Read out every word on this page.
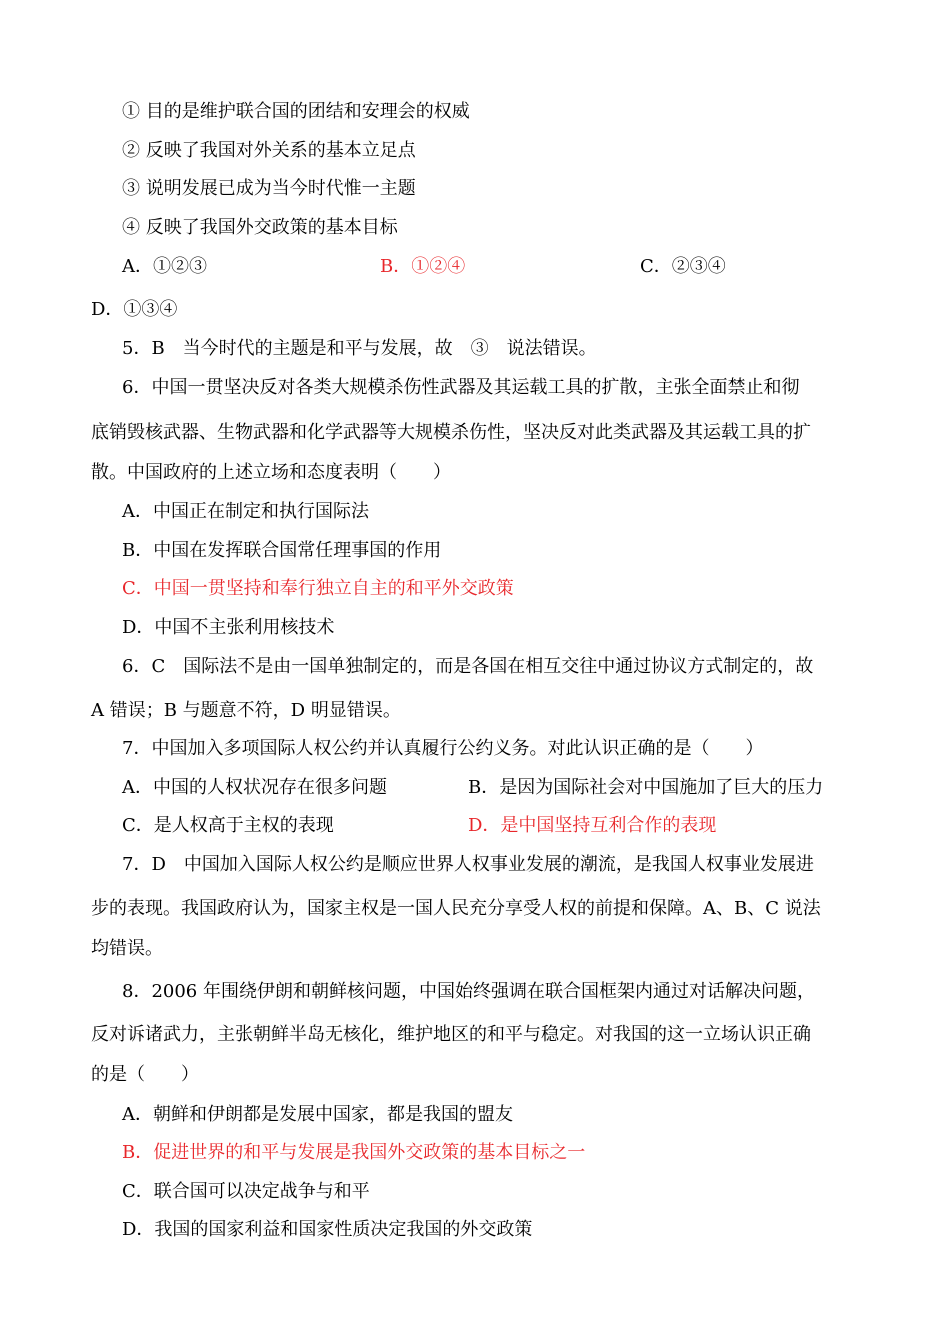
① 目的是维护联合国的团结和安理会的权威
② 反映了我国对外关系的基本立足点
③ 说明发展已成为当今时代惟一主题
④ 反映了我国外交政策的基本目标
A．①②③	B．①②④	C．②③④
D．①③④
5．B　当今时代的主题是和平与发展，故　③　说法错误。
6．中国一贯坚决反对各类大规模杀伤性武器及其运载工具的扩散，主张全面禁止和彻
底销毁核武器、生物武器和化学武器等大规模杀伤性，坚决反对此类武器及其运载工具的扩
散。中国政府的上述立场和态度表明（　　）
A．中国正在制定和执行国际法
B．中国在发挥联合国常任理事国的作用
C．中国一贯坚持和奉行独立自主的和平外交政策
D．中国不主张利用核技术
6．C　国际法不是由一国单独制定的，而是各国在相互交往中通过协议方式制定的，故
A 错误；B 与题意不符，D 明显错误。
7．中国加入多项国际人权公约并认真履行公约义务。对此认识正确的是（　　）
A．中国的人权状况存在很多问题	B．是因为国际社会对中国施加了巨大的压力
C．是人权高于主权的表现	D．是中国坚持互利合作的表现
7．D　中国加入国际人权公约是顺应世界人权事业发展的潮流，是我国人权事业发展进
步的表现。我国政府认为，国家主权是一国人民充分享受人权的前提和保障。A、B、C 说法
均错误。
8．2006 年围绕伊朗和朝鲜核问题，中国始终强调在联合国框架内通过对话解决问题，
反对诉诸武力，主张朝鲜半岛无核化，维护地区的和平与稳定。对我国的这一立场认识正确
的是（　　）
A．朝鲜和伊朗都是发展中国家，都是我国的盟友
B．促进世界的和平与发展是我国外交政策的基本目标之一
C．联合国可以决定战争与和平
D．我国的国家利益和国家性质决定我国的外交政策
